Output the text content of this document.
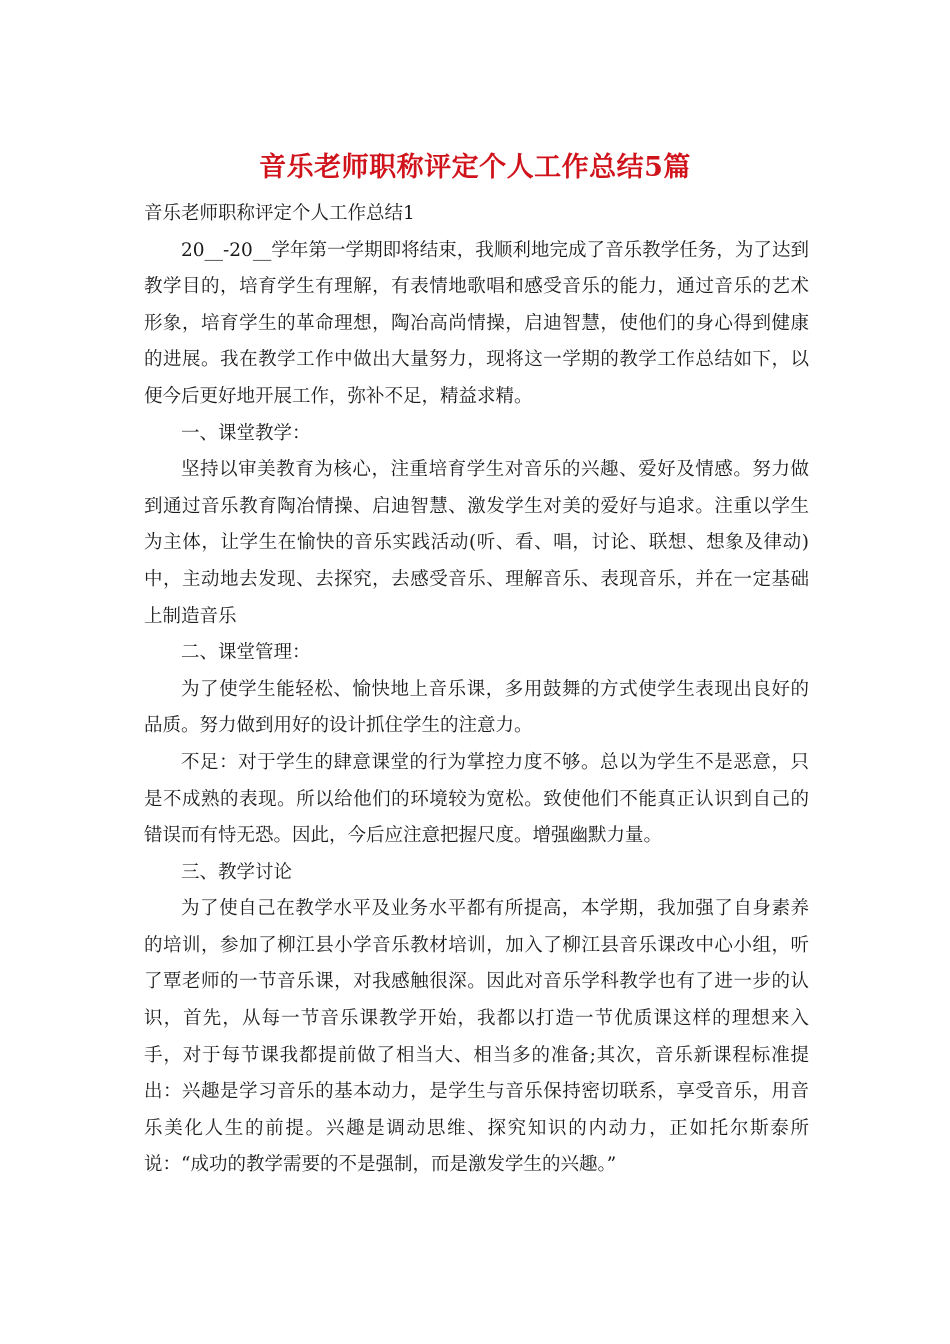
音乐老师职称评定个人工作总结5篇

音乐老师职称评定个人工作总结1

20__-20__学年第一学期即将结束，我顺利地完成了音乐教学任务，为了达到教学目的，培育学生有理解，有表情地歌唱和感受音乐的能力，通过音乐的艺术形象，培育学生的革命理想，陶冶高尚情操，启迪智慧，使他们的身心得到健康的进展。我在教学工作中做出大量努力，现将这一学期的教学工作总结如下，以便今后更好地开展工作，弥补不足，精益求精。

一、课堂教学：

坚持以审美教育为核心，注重培育学生对音乐的兴趣、爱好及情感。努力做到通过音乐教育陶冶情操、启迪智慧、激发学生对美的爱好与追求。注重以学生为主体，让学生在愉快的音乐实践活动(听、看、唱，讨论、联想、想象及律动)中，主动地去发现、去探究，去感受音乐、理解音乐、表现音乐，并在一定基础上制造音乐

二、课堂管理：

为了使学生能轻松、愉快地上音乐课，多用鼓舞的方式使学生表现出良好的品质。努力做到用好的设计抓住学生的注意力。

不足：对于学生的肆意课堂的行为掌控力度不够。总以为学生不是恶意，只是不成熟的表现。所以给他们的环境较为宽松。致使他们不能真正认识到自己的错误而有恃无恐。因此，今后应注意把握尺度。增强幽默力量。

三、教学讨论

为了使自己在教学水平及业务水平都有所提高，本学期，我加强了自身素养的培训，参加了柳江县小学音乐教材培训，加入了柳江县音乐课改中心小组，听了覃老师的一节音乐课，对我感触很深。因此对音乐学科教学也有了进一步的认识，首先，从每一节音乐课教学开始，我都以打造一节优质课这样的理想来入手，对于每节课我都提前做了相当大、相当多的准备;其次，音乐新课程标准提出：兴趣是学习音乐的基本动力，是学生与音乐保持密切联系，享受音乐，用音乐美化人生的前提。兴趣是调动思维、探究知识的内动力，正如托尔斯泰所说：“成功的教学需要的不是强制，而是激发学生的兴趣。”
